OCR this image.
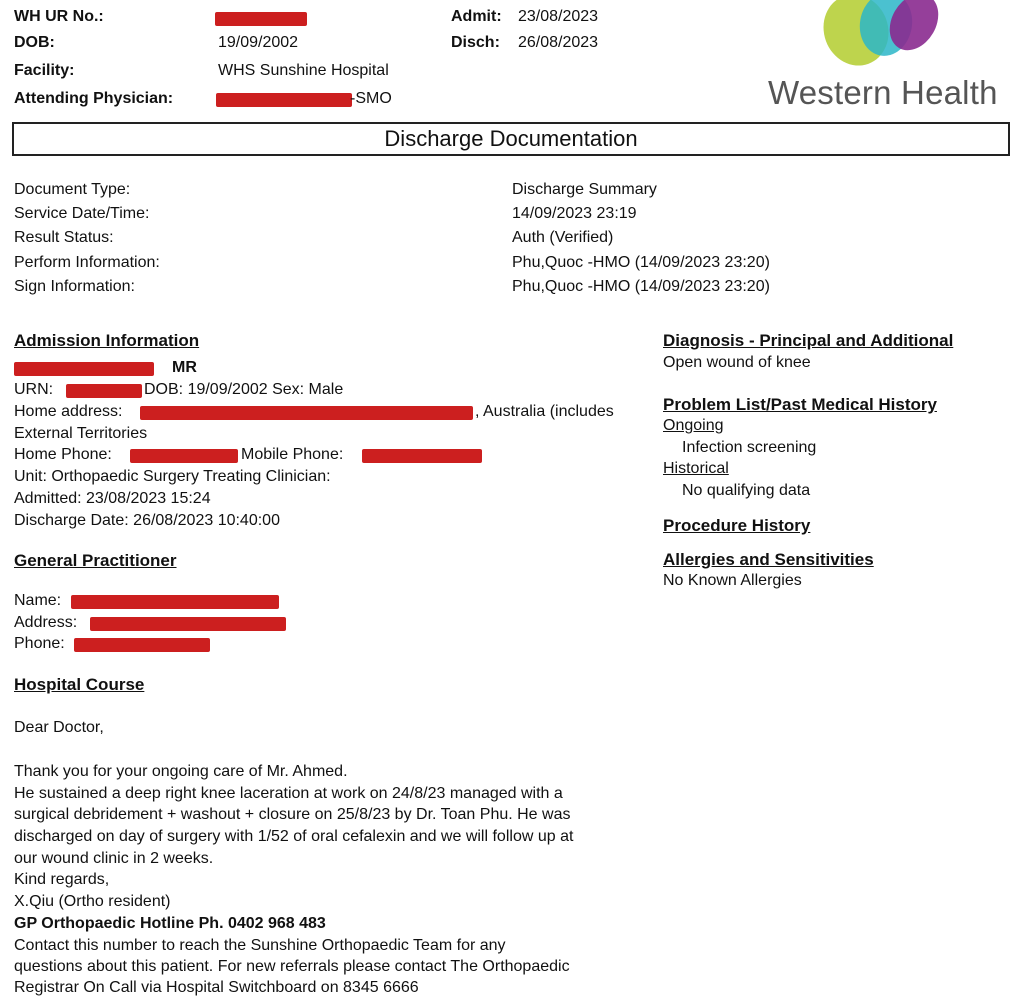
WH UR No.:
DOB:	19/09/2002
Facility:	WHS Sunshine Hospital
Attending Physician:	-SMO
Admit: 23/08/2023
Disch: 26/08/2023
Western Health
Discharge Documentation
Document Type:	Discharge Summary
Service Date/Time:	14/09/2023 23:19
Result Status:	Auth (Verified)
Perform Information:	Phu,Quoc -HMO (14/09/2023 23:20)
Sign Information:	Phu,Quoc -HMO (14/09/2023 23:20)
Admission Information
MR
URN:	DOB: 19/09/2002 Sex: Male
Home address:	, Australia (includes
External Territories
Home Phone:	Mobile Phone:
Unit: Orthopaedic Surgery Treating Clinician:
Admitted: 23/08/2023 15:24
Discharge Date: 26/08/2023 10:40:00
General Practitioner
Name:
Address:
Phone:
Hospital Course
Dear Doctor,
Thank you for your ongoing care of Mr. Ahmed.
He sustained a deep right knee laceration at work on 24/8/23 managed with a
surgical debridement + washout + closure on 25/8/23 by Dr. Toan Phu. He was
discharged on day of surgery with 1/52 of oral cefalexin and we will follow up at
our wound clinic in 2 weeks.
Kind regards,
X.Qiu (Ortho resident)
GP Orthopaedic Hotline Ph. 0402 968 483
Contact this number to reach the Sunshine Orthopaedic Team for any
questions about this patient. For new referrals please contact The Orthopaedic
Registrar On Call via Hospital Switchboard on 8345 6666
Diagnosis - Principal and Additional
Open wound of knee
Problem List/Past Medical History
Ongoing
Infection screening
Historical
No qualifying data
Procedure History
Allergies and Sensitivities
No Known Allergies
